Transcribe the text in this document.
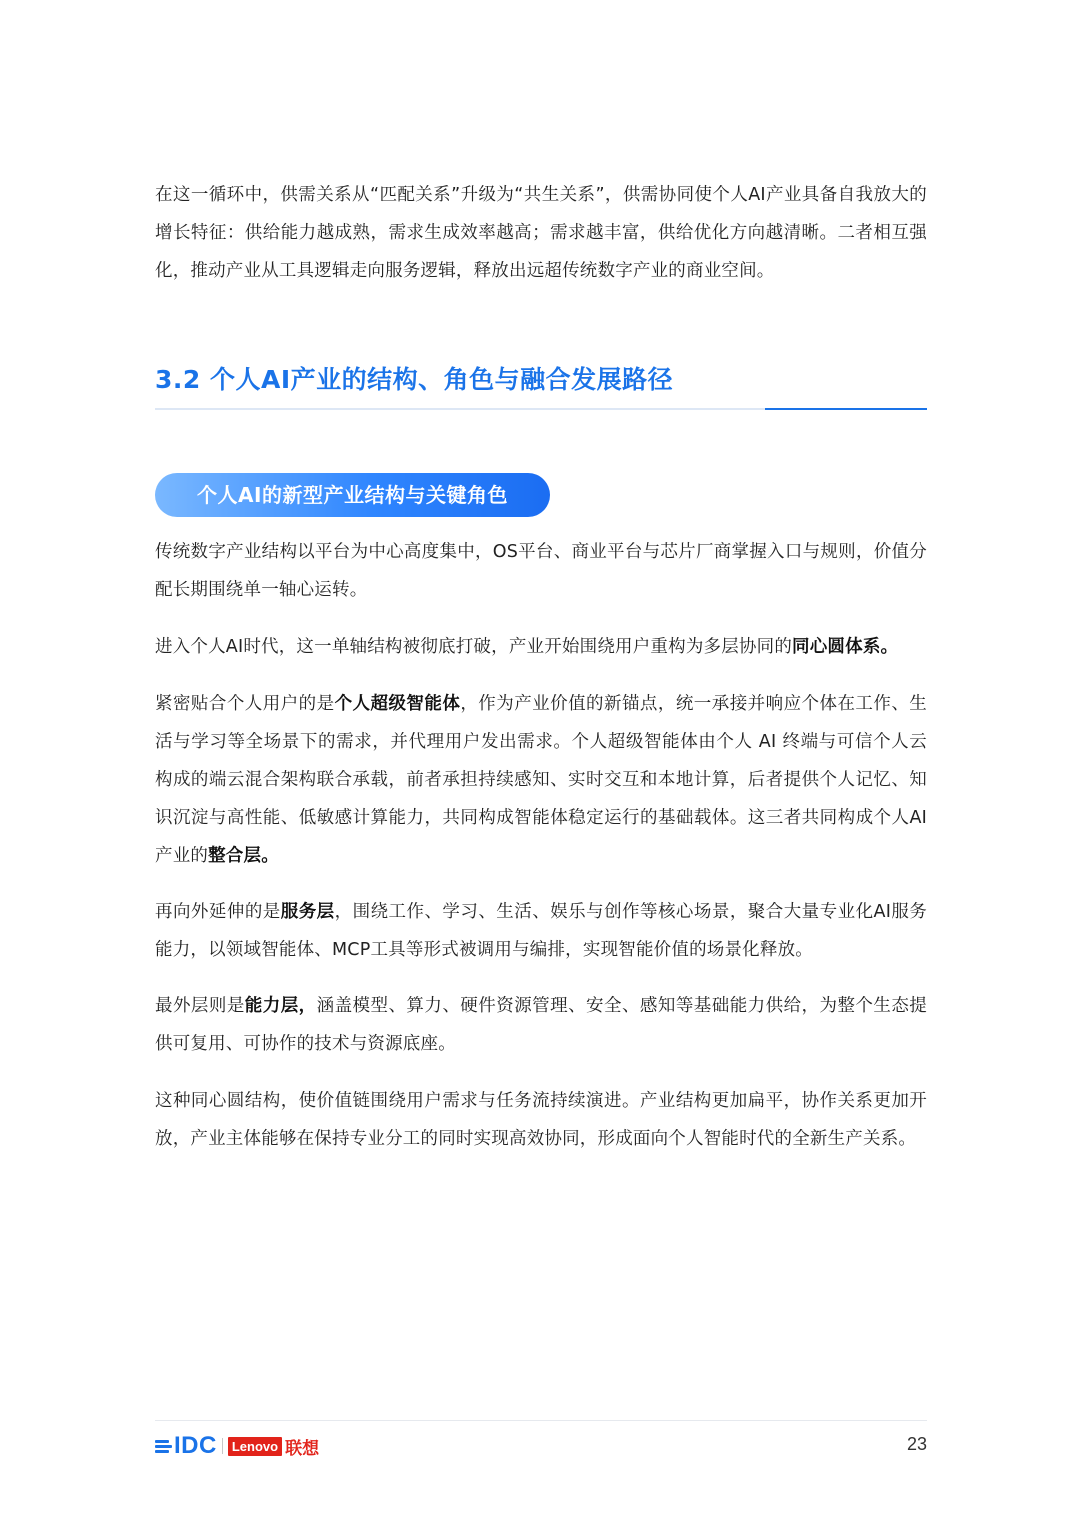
在这一循环中，供需关系从“匹配关系”升级为“共生关系”，供需协同使个人AI产业具备自我放大的增长特征：供给能力越成熟，需求生成效率越高；需求越丰富，供给优化方向越清晰。二者相互强化，推动产业从工具逻辑走向服务逻辑，释放出远超传统数字产业的商业空间。

3.2 个人AI产业的结构、角色与融合发展路径
个人AI的新型产业结构与关键角色

传统数字产业结构以平台为中心高度集中，OS平台、商业平台与芯片厂商掌握入口与规则，价值分配长期围绕单一轴心运转。

进入个人AI时代，这一单轴结构被彻底打破，产业开始围绕用户重构为多层协同的同心圆体系。

紧密贴合个人用户的是个人超级智能体，作为产业价值的新锚点，统一承接并响应个体在工作、生活与学习等全场景下的需求，并代理用户发出需求。个人超级智能体由个人 AI 终端与可信个人云构成的端云混合架构联合承载，前者承担持续感知、实时交互和本地计算，后者提供个人记忆、知识沉淀与高性能、低敏感计算能力，共同构成智能体稳定运行的基础载体。这三者共同构成个人AI产业的整合层。

再向外延伸的是服务层，围绕工作、学习、生活、娱乐与创作等核心场景，聚合大量专业化AI服务能力，以领域智能体、MCP工具等形式被调用与编排，实现智能价值的场景化释放。

最外层则是能力层，涵盖模型、算力、硬件资源管理、安全、感知等基础能力供给，为整个生态提供可复用、可协作的技术与资源底座。

这种同心圆结构，使价值链围绕用户需求与任务流持续演进。产业结构更加扁平，协作关系更加开放，产业主体能够在保持专业分工的同时实现高效协同，形成面向个人智能时代的全新生产关系。

IDC	Lenovo 联想	23
